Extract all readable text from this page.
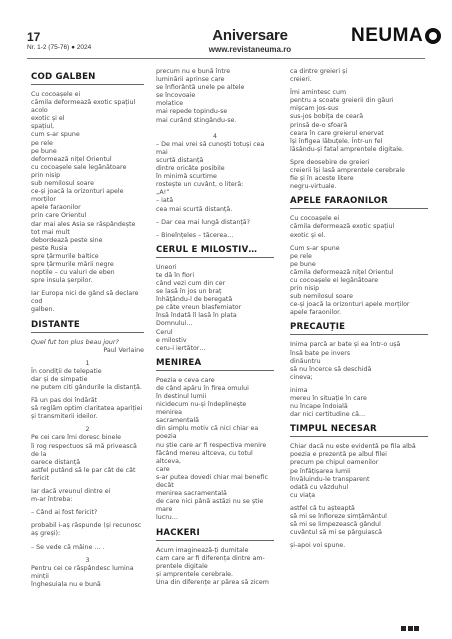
17
Nr. 1-2 (75-76) ● 2024
Aniversare
www.revistaneuma.ro
NEUMA
COD GALBEN

Cu cocoașele ei

cămila deformează exotic spațiul

acolo

exotic și el

spațiul,

cum s-ar spune

pe rele

pe bune

deformează nițel Orientul

cu cocoașele sale legănătoare

prin nisip

sub nemilosul soare

ce-și joacă la orizonturi apele morților

apele faraonilor

prin care Orientul

dar mai ales Asia se răspândește

tot mai mult

debordează peste sine

peste Rusia

spre țărmurile baltice

spre țărmurile mării negre

noptile – cu valuri de eben

spre insula șerpilor.

Iar Europa nici de gând să declare cod

galben.

DISTANTE

Quel fut ton plus beau jour?

Paul Verlaine

1

În condiții de telepatie

dar și de simpatie

ne putem citi gândurile la distanță.

Fă un pas doi îndărăt

să reglăm optim claritatea apariției

și transmiterii ideilor.

2

Pe cei care îmi doresc binele

îi rog respectuos să mă privească de la

oarece distanță

astfel putând să le par cât de cât fericit

Iar dacă vreunul dintre ei

m-ar întreba:

– Când ai fost fericit?

probabil i-aș răspunde (și recunosc

aș greși):

– Se vede că mâine … .

3

Pentru cei ce răspândesc lumina minții

înghesuiala nu e bună

precum nu e bună între

luminării aprinse care

se înfiorântă unele pe altele

se încovoaie

molatice

mai repede topindu-se

mai curând stingându-se.

4

– De mai vrei să cunoști totuși cea mai

scurtă distanță

dintre oricâte posibile

în minimă scurtime

rostește un cuvânt, o literă:

„A!”

– iată

cea mai scurtă distanță.

– Dar cea mai lungă distanță?

– Bineînțeles – tăcerea…

CERUL E MILOSTIV…

Uneori

te dă în fiori

când vezi cum din cer

se lasă în jos un braț

înhățându-l de beregată

pe câte vreun blasfemiator

însă îndată îl lasă în plata

Domnului…

Cerul

e milostiv

ceru-i iertător…

MENIREA

Poezia e ceva care

de când apăru în firea omului

în destinul lumii

nicidecum nu-și îndeplinește menirea

sacramentală

din simplu motiv că nici chiar ea

poezia

nu știe care ar fi respectiva menire

făcând mereu altceva, cu totul altceva,

care

s-ar putea dovedi chiar mai benefic

decât

menirea sacramentală

de care nici până astăzi nu se știe mare

lucru…

HACKERI

Acum imaginează-ți dumitale

cam care ar fi diferența dintre am-

prentele digitale

și amprentele cerebrale.

Una din diferențe ar părea să zicem

ca dintre greieri și

creieri.

Îmi amintesc cum

pentru a scoate greierii din găuri

mișcam jos-sus

sus-jos bobița de ceară

prinsă de-o sfoară

ceara în care greierul enervat

își înfigea lăbuțele. Într-un fel

lăsându-și fatal amprentele digitale.

Spre deosebire de greieri

creierii își lasă amprentele cerebrale

fie și în aceste litere

negru-virtuale.

APELE FARAONILOR

Cu cocoașele ei

cămila deformează exotic spațiul

exotic și el.

Cum s-ar spune

pe rele

pe bune

cămila deformează nițel Orientul

cu cocoașele ei legănătoare

prin nisip

sub nemilosul soare

ce-și joacă la orizonturi apele morților

apele faraonilor.

PRECAUȚIE

Inima parcă ar bate și ea într-o ușă

însă bate pe invers

dinăuntru

să nu încerce să deschidă

cineva;

inima

mereu în situație în care

nu încape îndoială

dar nici certitudine că…

TIMPUL NECESAR

Chiar dacă nu este evidentă pe fila albă

poezia e prezentă pe albul filei

precum pe chipul oamenilor

pe înfățișarea lumii

învăluindu-le transparent

odată cu văzduhul

cu viața

astfel că tu așteaptă

să mi se înfioreze simțământul

să mi se limpezească gândul

cuvântul să mi se pârguiască

și-apoi voi spune.
